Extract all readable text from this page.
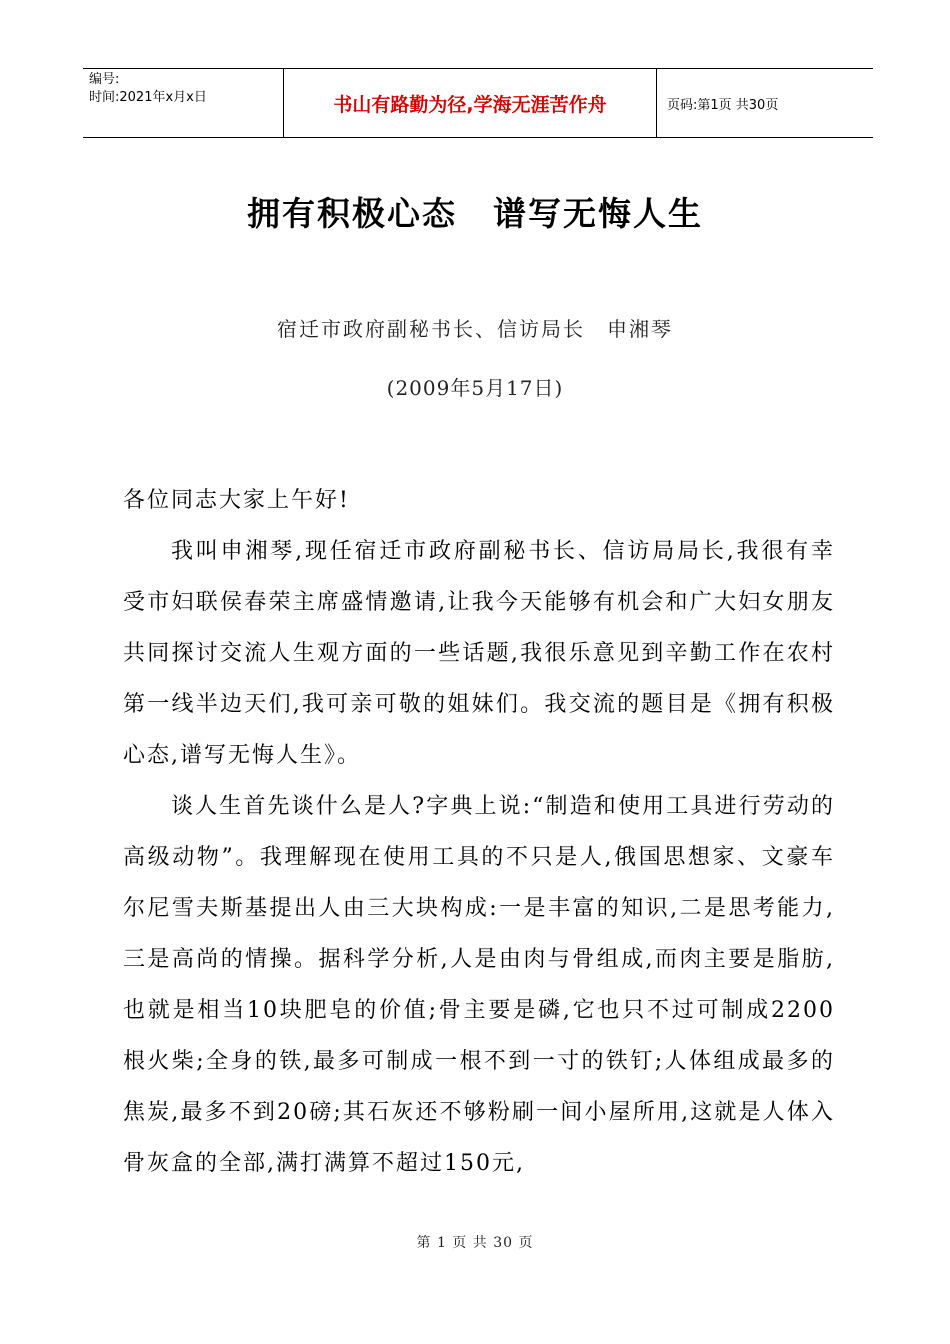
编号:
时间:2021年x月x日	书山有路勤为径,学海无涯苦作舟	页码:第1页 共30页
拥有积极心态 谱写无悔人生
宿迁市政府副秘书长、信访局长 申湘琴
(2009年5月17日)

各位同志大家上午好!

我叫申湘琴,现任宿迁市政府副秘书长、信访局局长,我很有幸受市妇联侯春荣主席盛情邀请,让我今天能够有机会和广大妇女朋友共同探讨交流人生观方面的一些话题,我很乐意见到辛勤工作在农村第一线半边天们,我可亲可敬的姐妹们。我交流的题目是《拥有积极心态,谱写无悔人生》。

谈人生首先谈什么是人?字典上说:“制造和使用工具进行劳动的高级动物”。我理解现在使用工具的不只是人,俄国思想家、文豪车尔尼雪夫斯基提出人由三大块构成:一是丰富的知识,二是思考能力,三是高尚的情操。据科学分析,人是由肉与骨组成,而肉主要是脂肪,也就是相当10块肥皂的价值;骨主要是磷,它也只不过可制成2200根火柴;全身的铁,最多可制成一根不到一寸的铁钉;人体组成最多的焦炭,最多不到20磅;其石灰还不够粉刷一间小屋所用,这就是人体入骨灰盒的全部,满打满算不超过150元,

第 1 页 共 30 页
